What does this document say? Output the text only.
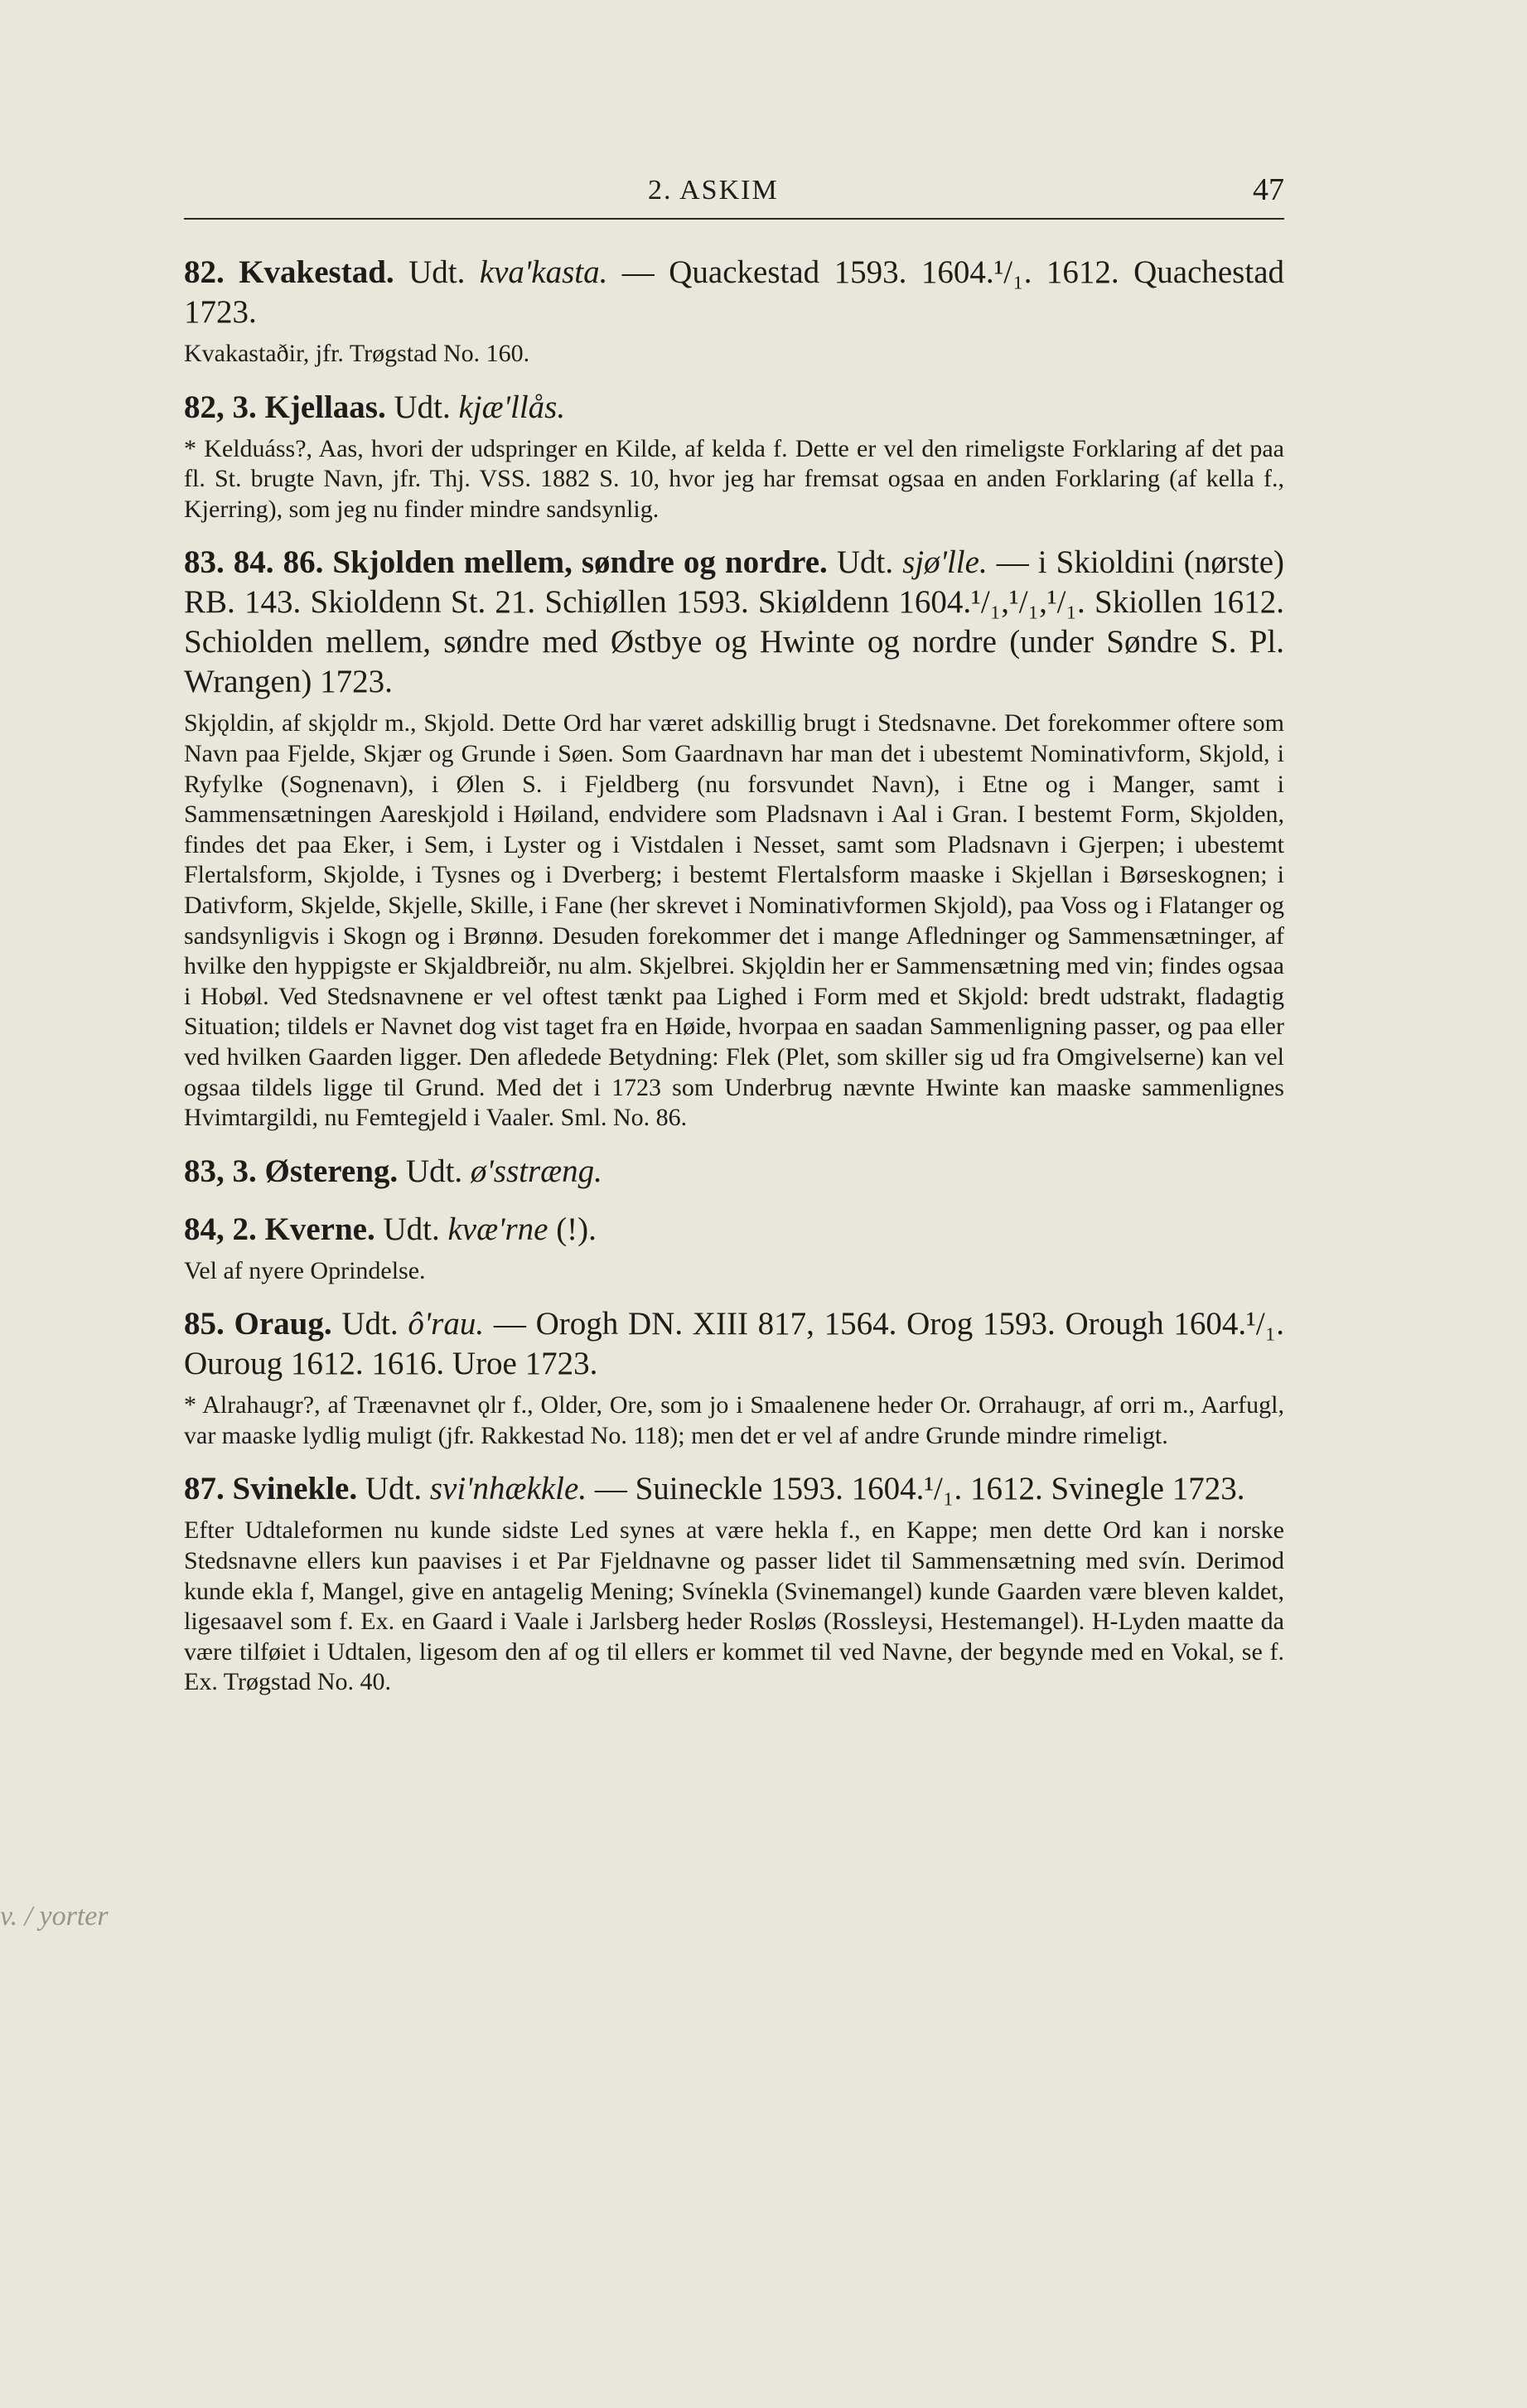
v. / yorter
2. ASKIM	47
82. Kvakestad. Udt. kva'kasta. — Quackestad 1593. 1604.¹/₁. 1612. Quachestad 1723.
Kvakastaðir, jfr. Trøgstad No. 160.
82, 3. Kjellaas. Udt. kjæ'llås.
* Kelduáss?, Aas, hvori der udspringer en Kilde, af kelda f. Dette er vel den rimeligste Forklaring af det paa fl. St. brugte Navn, jfr. Thj. VSS. 1882 S. 10, hvor jeg har fremsat ogsaa en anden Forklaring (af kella f., Kjerring), som jeg nu finder mindre sandsynlig.
83. 84. 86. Skjolden mellem, søndre og nordre. Udt. sjø'lle. — i Skioldini (nørste) RB. 143. Skioldenn St. 21. Schiøllen 1593. Skiøldenn 1604.¹/₁,¹/₁,¹/₁. Skiollen 1612. Schiolden mellem, søndre med Østbye og Hwinte og nordre (under Søndre S. Pl. Wrangen) 1723.
Skjǫldin, af skjǫldr m., Skjold. Dette Ord har været adskillig brugt i Stedsnavne. Det forekommer oftere som Navn paa Fjelde, Skjær og Grunde i Søen. Som Gaardnavn har man det i ubestemt Nominativform, Skjold, i Ryfylke (Sognenavn), i Ølen S. i Fjeldberg (nu forsvundet Navn), i Etne og i Manger, samt i Sammensætningen Aareskjold i Høiland, endvidere som Pladsnavn i Aal i Gran. I bestemt Form, Skjolden, findes det paa Eker, i Sem, i Lyster og i Vistdalen i Nesset, samt som Pladsnavn i Gjerpen; i ubestemt Flertalsform, Skjolde, i Tysnes og i Dverberg; i bestemt Flertalsform maaske i Skjellan i Børseskognen; i Dativform, Skjelde, Skjelle, Skille, i Fane (her skrevet i Nominativformen Skjold), paa Voss og i Flatanger og sandsynligvis i Skogn og i Brønnø. Desuden forekommer det i mange Afledninger og Sammensætninger, af hvilke den hyppigste er Skjaldbreiðr, nu alm. Skjelbrei. Skjǫldin her er Sammensætning med vin; findes ogsaa i Hobøl. Ved Stedsnavnene er vel oftest tænkt paa Lighed i Form med et Skjold: bredt udstrakt, fladagtig Situation; tildels er Navnet dog vist taget fra en Høide, hvorpaa en saadan Sammenligning passer, og paa eller ved hvilken Gaarden ligger. Den afledede Betydning: Flek (Plet, som skiller sig ud fra Omgivelserne) kan vel ogsaa tildels ligge til Grund. Med det i 1723 som Underbrug nævnte Hwinte kan maaske sammenlignes Hvimtargildi, nu Femtegjeld i Vaaler. Sml. No. 86.
83, 3. Østereng. Udt. ø'sstræng.
84, 2. Kverne. Udt. kvæ'rne (!).
Vel af nyere Oprindelse.
85. Oraug. Udt. ô'rau. — Orogh DN. XIII 817, 1564. Orog 1593. Orough 1604.¹/₁. Ouroug 1612. 1616. Uroe 1723.
* Alrahaugr?, af Træenavnet ǫlr f., Older, Ore, som jo i Smaalenene heder Or. Orrahaugr, af orri m., Aarfugl, var maaske lydlig muligt (jfr. Rakkestad No. 118); men det er vel af andre Grunde mindre rimeligt.
87. Svinekle. Udt. svi'nhækkle. — Suineckle 1593. 1604.¹/₁. 1612. Svinegle 1723.
Efter Udtaleformen nu kunde sidste Led synes at være hekla f., en Kappe; men dette Ord kan i norske Stedsnavne ellers kun paavises i et Par Fjeldnavne og passer lidet til Sammensætning med svín. Derimod kunde ekla f, Mangel, give en antagelig Mening; Svínekla (Svinemangel) kunde Gaarden være bleven kaldet, ligesaavel som f. Ex. en Gaard i Vaale i Jarlsberg heder Rosløs (Rossleysi, Hestemangel). H-Lyden maatte da være tilføiet i Udtalen, ligesom den af og til ellers er kommet til ved Navne, der begynde med en Vokal, se f. Ex. Trøgstad No. 40.
